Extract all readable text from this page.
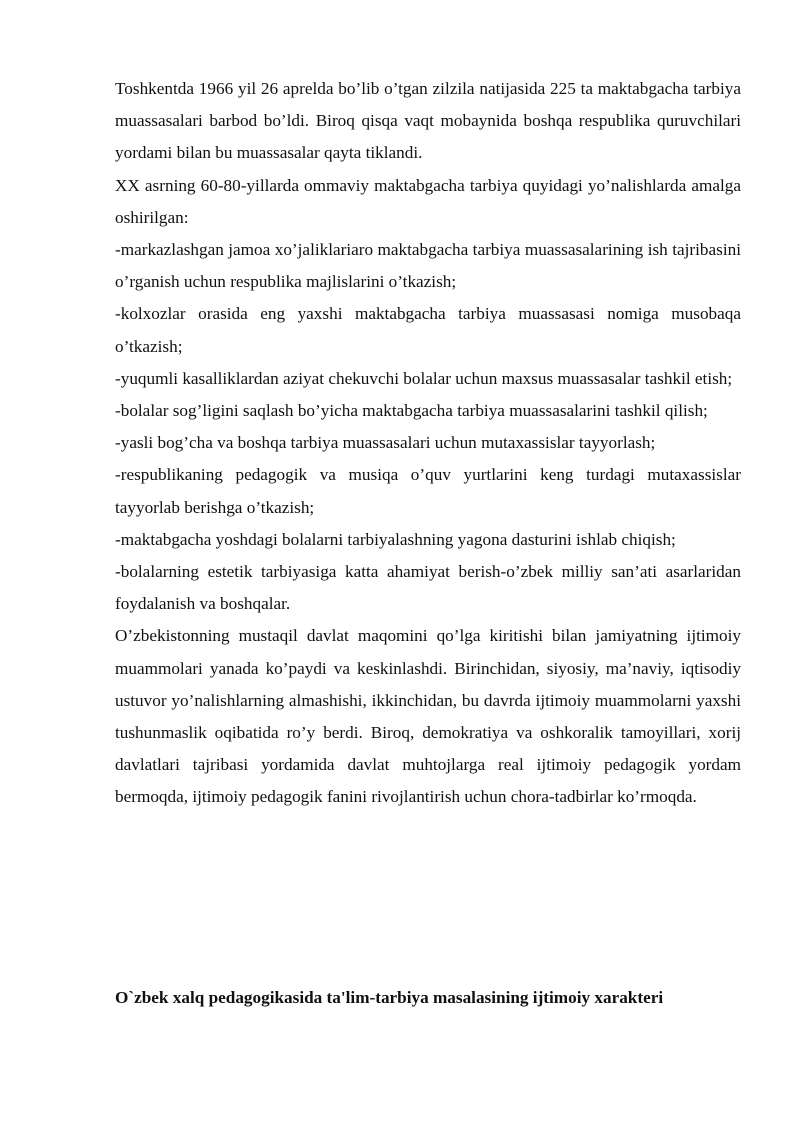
Toshkentda 1966 yil 26 aprelda bo’lib o’tgan zilzila natijasida 225 ta maktabgacha tarbiya muassasalari barbod bo’ldi. Biroq qisqa vaqt mobaynida boshqa respublika quruvchilari yordami bilan bu muassasalar qayta tiklandi.

XX asrning 60-80-yillarda ommaviy maktabgacha tarbiya quyidagi yo’nalishlarda amalga oshirilgan:

-markazlashgan jamoa xo’jaliklariaro maktabgacha tarbiya muassasalarining ish tajribasini o’rganish uchun respublika majlislarini o’tkazish;

-kolxozlar orasida eng yaxshi maktabgacha tarbiya muassasasi nomiga musobaqa o’tkazish;

-yuqumli kasalliklardan aziyat chekuvchi bolalar uchun maxsus muassasalar tashkil etish;

-bolalar sog’ligini saqlash bo’yicha maktabgacha tarbiya muassasalarini tashkil qilish;

-yasli bog’cha va boshqa tarbiya muassasalari uchun mutaxassislar tayyorlash;

-respublikaning pedagogik va musiqa o’quv yurtlarini keng turdagi mutaxassislar tayyorlab berishga o’tkazish;

-maktabgacha yoshdagi bolalarni tarbiyalashning yagona dasturini ishlab chiqish;

-bolalarning estetik tarbiyasiga katta ahamiyat berish-o’zbek milliy san’ati asarlaridan foydalanish va boshqalar.

O’zbekistonning mustaqil davlat maqomini qo’lga kiritishi bilan jamiyatning ijtimoiy muammolari yanada ko’paydi va keskinlashdi. Birinchidan, siyosiy, ma’naviy, iqtisodiy ustuvor yo’nalishlarning almashishi, ikkinchidan, bu davrda ijtimoiy muammolarni yaxshi tushunmaslik oqibatida ro’y berdi. Biroq, demokratiya va oshkoralik tamoyillari, xorij davlatlari tajribasi yordamida davlat muhtojlarga real ijtimoiy pedagogik yordam bermoqda, ijtimoiy pedagogik fanini rivojlantirish uchun chora-tadbirlar ko’rmoqda.

O`zbek xalq pedagogikasida ta'lim-tarbiya masalasining ijtimoiy xarakteri
